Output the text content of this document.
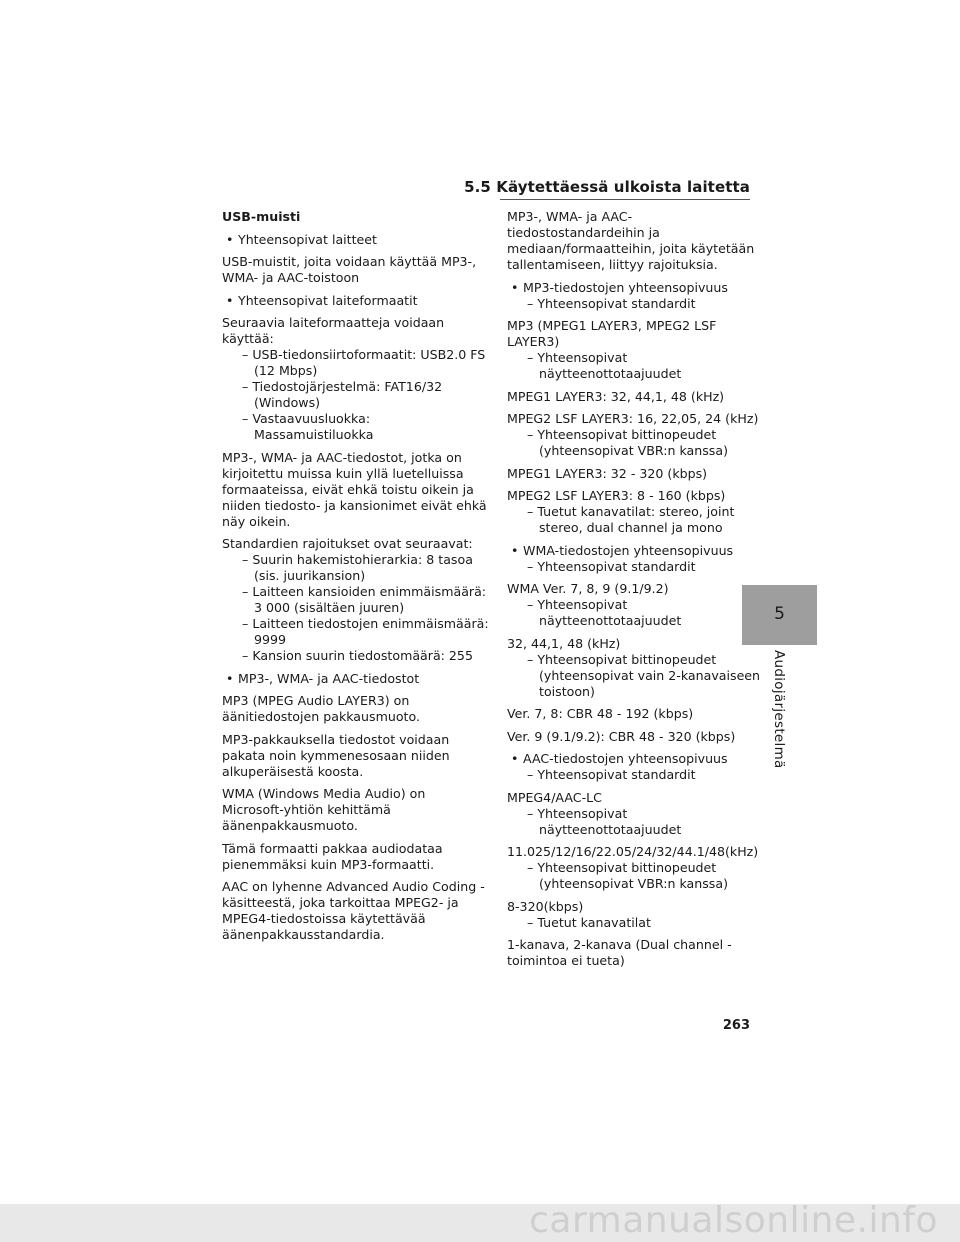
5.5 Käytettäessä ulkoista laitetta
USB-muisti
• Yhteensopivat laitteet
USB-muistit, joita voidaan käyttää MP3-, WMA- ja AAC-toistoon
• Yhteensopivat laiteformaatit
Seuraavia laiteformaatteja voidaan käyttää:
– USB-tiedonsiirtoformaatit: USB2.0 FS (12 Mbps)
– Tiedostojärjestelmä: FAT16/32 (Windows)
– Vastaavuusluokka: Massamuistiluokka
MP3-, WMA- ja AAC-tiedostot, jotka on kirjoitettu muissa kuin yllä luetelluissa formaateissa, eivät ehkä toistu oikein ja niiden tiedosto- ja kansionimet eivät ehkä näy oikein.
Standardien rajoitukset ovat seuraavat:
– Suurin hakemistohierarkia: 8 tasoa (sis. juurikansion)
– Laitteen kansioiden enimmäismäärä: 3 000 (sisältäen juuren)
– Laitteen tiedostojen enimmäismäärä: 9999
– Kansion suurin tiedostomäärä: 255
• MP3-, WMA- ja AAC-tiedostot
MP3 (MPEG Audio LAYER3) on äänitiedostojen pakkausmuoto.
MP3-pakkauksella tiedostot voidaan pakata noin kymmenesosaan niiden alkuperäisestä koosta.
WMA (Windows Media Audio) on Microsoft-yhtiön kehittämä äänenpakkausmuoto.
Tämä formaatti pakkaa audiodataa pienemmäksi kuin MP3-formaatti.
AAC on lyhenne Advanced Audio Coding -käsitteestä, joka tarkoittaa MPEG2- ja MPEG4-tiedostoissa käytettävää äänenpakkausstandardia.
MP3-, WMA- ja AAC-tiedostostandardeihin ja mediaan/formaatteihin, joita käytetään tallentamiseen, liittyy rajoituksia.
• MP3-tiedostojen yhteensopivuus
– Yhteensopivat standardit
MP3 (MPEG1 LAYER3, MPEG2 LSF LAYER3)
– Yhteensopivat näytteenottotaajuudet
MPEG1 LAYER3: 32, 44,1, 48 (kHz)
MPEG2 LSF LAYER3: 16, 22,05, 24 (kHz)
– Yhteensopivat bittinopeudet (yhteensopivat VBR:n kanssa)
MPEG1 LAYER3: 32 - 320 (kbps)
MPEG2 LSF LAYER3: 8 - 160 (kbps)
– Tuetut kanavatilat: stereo, joint stereo, dual channel ja mono
• WMA-tiedostojen yhteensopivuus
– Yhteensopivat standardit
WMA Ver. 7, 8, 9 (9.1/9.2)
– Yhteensopivat näytteenottotaajuudet
32, 44,1, 48 (kHz)
– Yhteensopivat bittinopeudet (yhteensopivat vain 2-kanavaiseen toistoon)
Ver. 7, 8: CBR 48 - 192 (kbps)
Ver. 9 (9.1/9.2): CBR 48 - 320 (kbps)
• AAC-tiedostojen yhteensopivuus
– Yhteensopivat standardit
MPEG4/AAC-LC
– Yhteensopivat näytteenottotaajuudet
11.025/12/16/22.05/24/32/44.1/48(kHz)
– Yhteensopivat bittinopeudet (yhteensopivat VBR:n kanssa)
8-320(kbps)
– Tuetut kanavatilat
1-kanava, 2-kanava (Dual channel -toimintoa ei tueta)
5
Audiojärjestelmä
263
carmanualsonline.info
